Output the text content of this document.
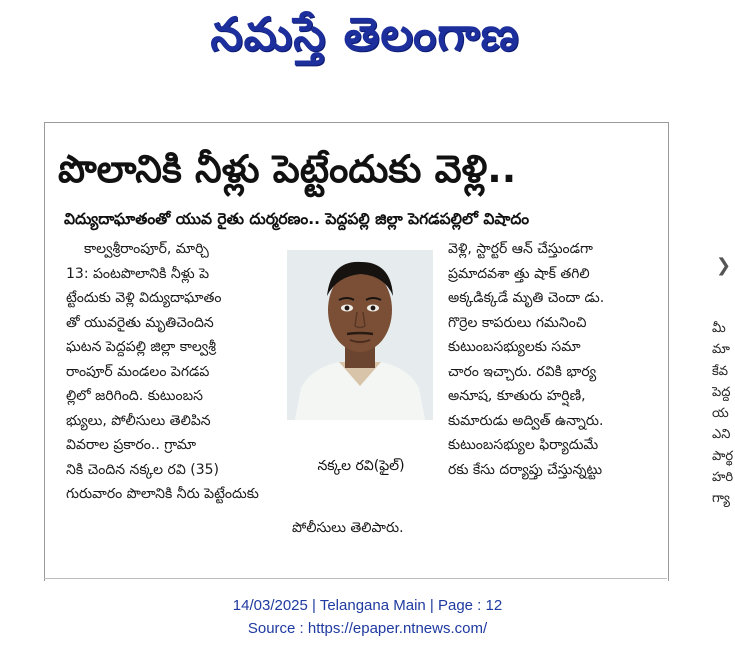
నమస్తే తెలంగాణ
పొలానికి నీళ్లు పెట్టేందుకు వెళ్లి..
విద్యుదాఘాతంతో యువ రైతు దుర్మరణం.. పెద్దపల్లి జిల్లా పెగడపల్లిలో విషాదం
కాల్వశ్రీరాంపూర్, మార్చి
13: పంటపొలానికి నీళ్లు పె
ట్టేందుకు వెళ్లి విద్యుదాఘాతం
తో యువరైతు మృతిచెందిన
ఘటన పెద్దపల్లి జిల్లా కాల్వశ్రీ
రాంపూర్ మండలం పెగడప
ల్లిలో జరిగింది. కుటుంబస
భ్యులు, పోలీసులు తెలిపిన
వివరాల ప్రకారం.. గ్రామా
నికి చెందిన నక్కల రవి (35)
గురువారం పొలానికి నీరు పెట్టేందుకు
నక్కల రవి(ఫైల్)
వెళ్లి, స్టార్టర్ ఆన్ చేస్తుండగా
ప్రమాదవశా త్తు షాక్ తగిలి
అక్కడిక్కడే మృతి చెందా డు.
గొర్రెల కాపరులు గమనించి
కుటుంబసభ్యులకు సమా
చారం ఇచ్చారు. రవికి భార్య
అనూష, కూతురు హర్షిణి,
కుమారుడు అద్విత్ ఉన్నారు.
కుటుంబసభ్యుల ఫిర్యాదుమే
రకు కేసు దర్యాప్తు చేస్తున్నట్టు
పోలీసులు తెలిపారు.
❯
మీ
మా
కేవ
పెద్ద
య
ఎని
పార్థ
హరి
గ్యా
14/03/2025 | Telangana Main | Page : 12
Source : https://epaper.ntnews.com/
